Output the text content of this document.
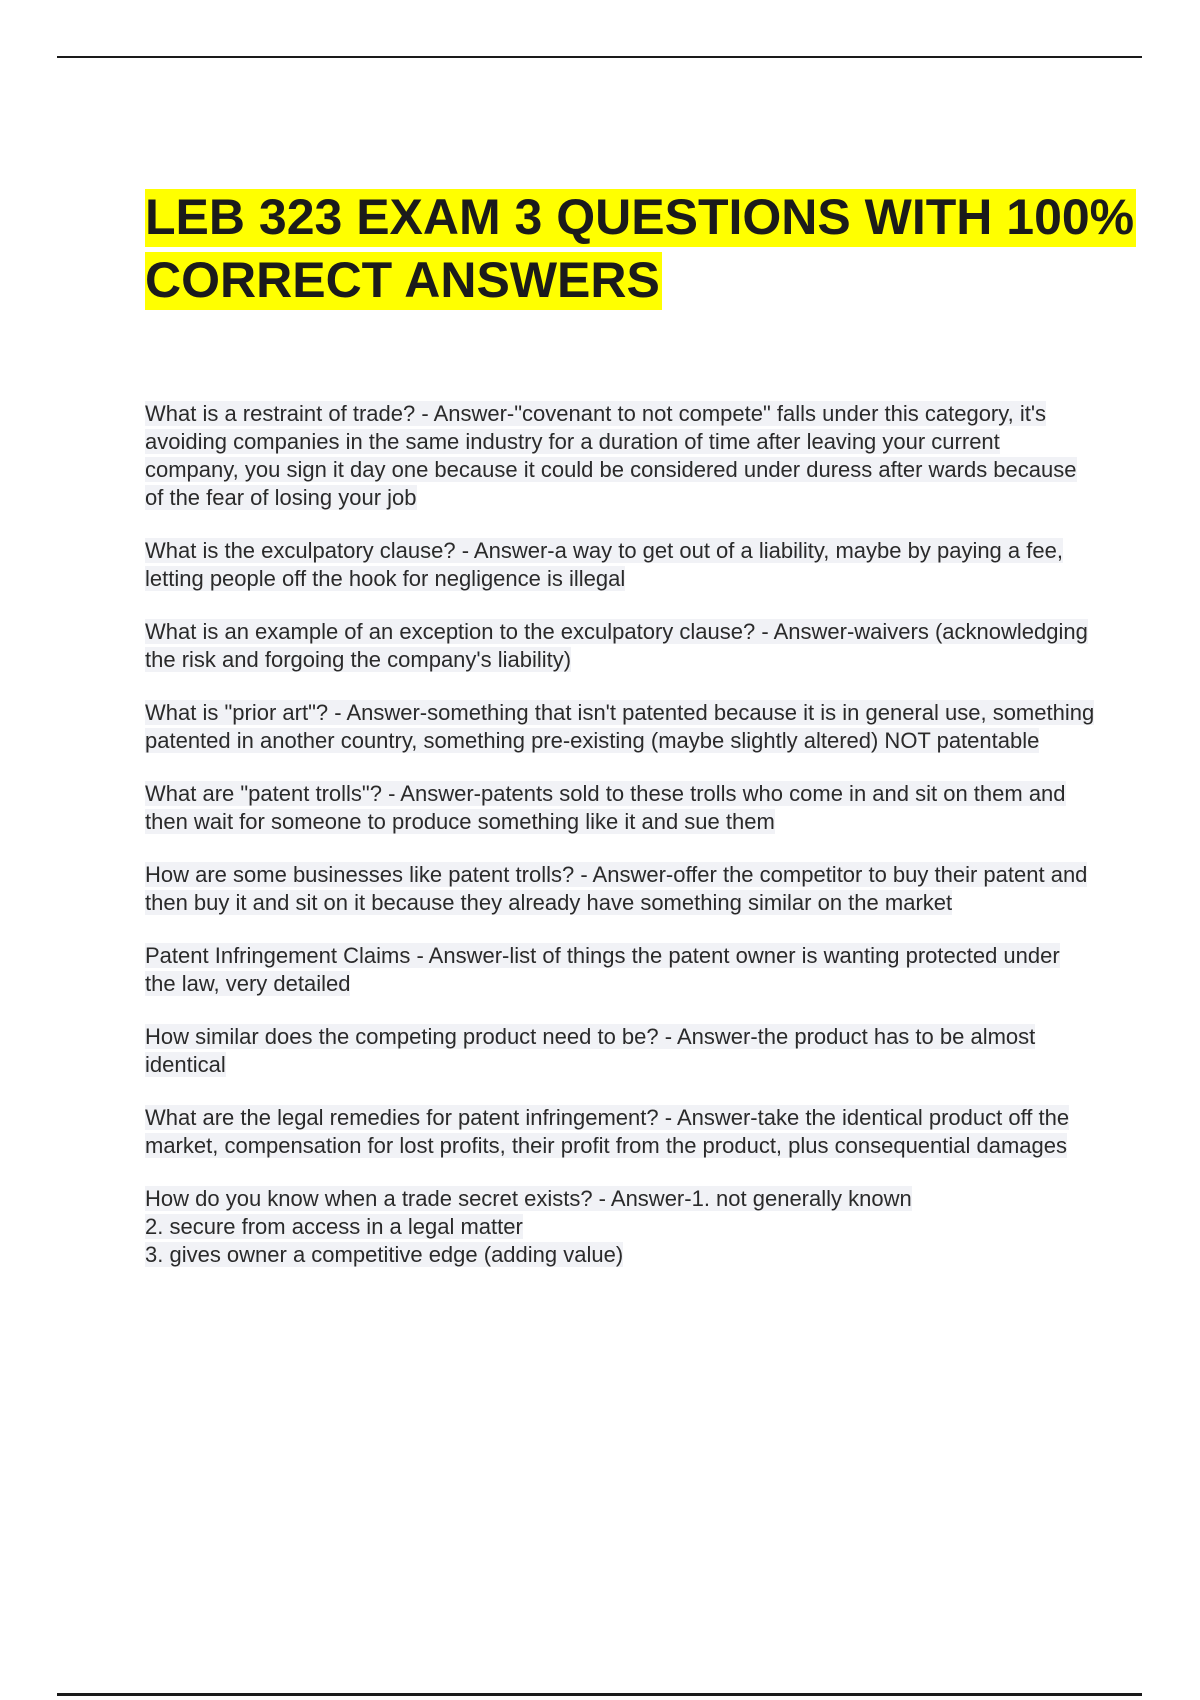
LEB 323 EXAM 3 QUESTIONS WITH 100% CORRECT ANSWERS

What is a restraint of trade? - Answer-"covenant to not compete" falls under this category, it's avoiding companies in the same industry for a duration of time after leaving your current company, you sign it day one because it could be considered under duress after wards because of the fear of losing your job

What is the exculpatory clause? - Answer-a way to get out of a liability, maybe by paying a fee, letting people off the hook for negligence is illegal

What is an example of an exception to the exculpatory clause? - Answer-waivers (acknowledging the risk and forgoing the company's liability)

What is "prior art"? - Answer-something that isn't patented because it is in general use, something patented in another country, something pre-existing (maybe slightly altered) NOT patentable

What are "patent trolls"? - Answer-patents sold to these trolls who come in and sit on them and then wait for someone to produce something like it and sue them

How are some businesses like patent trolls? - Answer-offer the competitor to buy their patent and then buy it and sit on it because they already have something similar on the market

Patent Infringement Claims - Answer-list of things the patent owner is wanting protected under the law, very detailed

How similar does the competing product need to be? - Answer-the product has to be almost identical

What are the legal remedies for patent infringement? - Answer-take the identical product off the market, compensation for lost profits, their profit from the product, plus consequential damages

How do you know when a trade secret exists? - Answer-1. not generally known
2. secure from access in a legal matter
3. gives owner a competitive edge (adding value)
